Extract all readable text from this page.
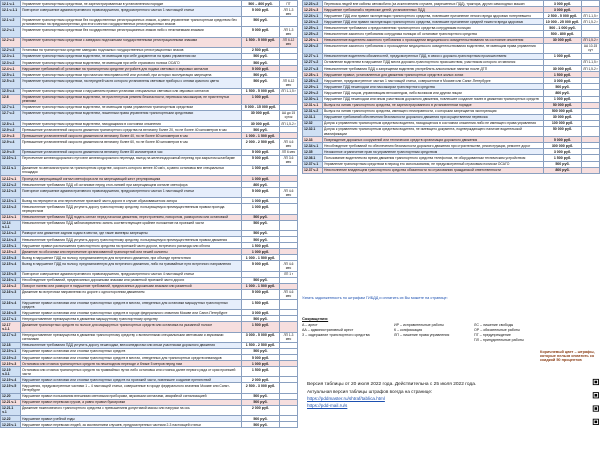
12.1 ч.1	Управление транспортным средством, не зарегистрированным в установленном порядке	500 – 800 руб.	ПТ
12.1 ч.1.1	Повторное совершение административного правонарушения, предусмотренного частью 1 настоящей статьи	5 000 руб.	ЛП 1-3 мес
12.1 ч.2	Управление транспортным средством без государственных регистрационных знаков, а равно управление транспортным средством без установленных на предусмотренных для этого местах государственных регистрационных знаков	500 руб.	
12.2 ч.1	Управление транспортным средством без государственных регистрационных знаков либо с нечитаемыми знаками	5 000 руб.	ЛП 1-3 мес
12.2 ч.2	Управление транспортным средством с заведомо подложными государственными регистрационными знаками	1 500 - 5 000 руб.	ЛП 6-12 мес
12.2 ч.3	Установка на транспортном средстве заведомо подложных государственных регистрационных знаков	2 500 руб.	
12.3 ч.1	Управление транспортным средством водителем, не имеющим при себе документов на право управления им	500 руб.	
12.3 ч.2	Управление транспортным средством водителем, не имеющим при себе страхового полиса ОСАГО	500 руб.	
12.4 ч.1	Нарушение требований об установке на транспортном средстве устройств для подачи световых и звуковых сигналов	5 000 руб.	
12.5 ч.1	Управление транспортным средством при наличии неисправностей или условий, при которых эксплуатация запрещена	500 руб.	
12.5 ч.3	Управление транспортным средством, на передней части которого установлены световые приборы с огнями красного цвета	500 руб.	ЛП 6-12 мес
12.5 ч.4	Управление транспортным средством с нарушением правил установки специальных световых или звуковых сигналов	1 500 - 5 000 руб.	ЛП 1-1,5 г
12.6	Управление транспортным средством водителем, не пристегнутым ремнем безопасности, перевозка пассажиров, не пристегнутых ремнями	1 000 руб.	
12.7 ч.1	Управление транспортным средством водителем, не имеющим права управления транспортным средством	5 000 - 15 000 руб.	
12.7 ч.2	Управление транспортным средством водителем, лишенным права управления транспортными средствами	30 000 руб.	АА до 15 суток
12.8 ч.1	Управление транспортным средством водителем, находящимся в состоянии опьянения	30 000 руб.	ЛП 1,5-2 г
12.9 ч.2	Превышение установленной скорости движения транспортного средства на величину более 20, но не более 40 километров в час	500 руб.	
12.9 ч.3	Превышение установленной скорости движения на величину более 40, но не более 60 километров в час	1 000 - 1 500 руб.	
12.9 ч.4	Превышение установленной скорости движения на величину более 60, но не более 80 километров в час	2 000 - 2 500 руб.	ЛП 4-6 мес
12.9 ч.5	Превышение установленной скорости движения на величину более 80 километров в час	5 000 руб.	ЛП 6 мес
12.10 ч.1	Пересечение железнодорожного пути вне железнодорожного переезда, выезд на железнодорожный переезд при закрытом шлагбауме	5 000 руб.	ЛП 3-6 мес
12.11 ч.1	Движение по автомагистрали на транспортном средстве, скорость которого менее 40 км/ч, а равно остановка вне специальных площадок	1 000 руб.	
12.12 ч.1	Проезд на запрещающий сигнал светофора или на запрещающий жест регулировщика	1 000 руб.	
12.12 ч.2	Невыполнение требования ПДД об остановке перед стоп-линией при запрещающем сигнале светофора	800 руб.	
12.12 ч.3	Повторное совершение административного правонарушения, предусмотренного частью 1 настоящей статьи	5 000 руб.	ЛП 4-6 мес
12.13 ч.1	Выезд на перекресток или пересечение проезжей части дороги в случае образовавшегося затора	1 000 руб.	
12.13 ч.2	Невыполнение требования ПДД уступить дорогу транспортному средству, пользующемуся преимущественным правом проезда перекрестков	1 000 руб.	
12.14 ч.1	Невыполнение требования ПДД подать сигнал перед началом движения, перестроением, поворотом, разворотом или остановкой	500 руб.	
12.14 ч.1.1	Невыполнение требования ПДД заблаговременно занять соответствующее крайнее положение на проезжей части	500 руб.	
12.14 ч.2	Разворот или движение задним ходом в местах, где такие маневры запрещены	500 руб.	
12.14 ч.3	Невыполнение требования ПДД уступить дорогу транспортному средству, пользующемуся преимущественным правом движения	500 руб.	
12.15 ч.1	Нарушение правил расположения транспортного средства на проезжей части дороги, встречного разъезда или обгона	1 500 руб.	
12.15 ч.2	Движение по обочинам или пересечение организованной транспортной или пешей колонны	1 000 руб.	
12.15 ч.3	Выезд в нарушение ПДД на полосу, предназначенную для встречного движения, при объезде препятствия	1 000 - 1 500 руб.	
12.15 ч.4	Выезд в нарушение ПДД на полосу, предназначенную для встречного движения, либо на трамвайные пути встречного направления	5 000 руб.	ЛП 4-6 мес
12.15 ч.5	Повторное совершение административного правонарушения, предусмотренного частью 4 настоящей статьи		ЛП 1 г
12.16 ч.1	Несоблюдение требований, предписанных дорожными знаками или разметкой проезжей части дороги	500 руб.	
12.16 ч.2	Поворот налево или разворот в нарушение требований, предписанных дорожными знаками или разметкой	1 000 - 1 500 руб.	
12.16 ч.3	Движение во встречном направлении по дороге с односторонним движением	5 000 руб.	ЛП 4-6 мес
12.16 ч.4	Нарушение правил остановки или стоянки транспортных средств в местах, отведенных для остановки маршрутных транспортных средств	1 500 руб.	
12.16 ч.5	Нарушение правил остановки или стоянки транспортных средств в городе федерального значения Москве или Санкт-Петербурге	3 000 руб.	
12.17 ч.1	Непредоставление преимущества в движении маршрутному транспортному средству	500 руб.	
12.17 ч.1.1	Движение транспортных средств по полосе для маршрутных транспортных средств или остановка на указанной полосе	1 500 руб.	
12.17 ч.2	Непредоставление преимущества в движении транспортному средству с включенными специальными световыми и звуковыми сигналами	3 000 - 5 000 руб.	ЛП 1-3 мес
12.18	Невыполнение требования ПДД уступить дорогу пешеходам, велосипедистам или иным участникам дорожного движения	1 500 - 2 500 руб.	
12.19 ч.1	Нарушение правил остановки или стоянки транспортных средств	500 руб.	
12.19 ч.2	Нарушение правил остановки или стоянки транспортных средств в местах, отведенных для транспортных средств инвалидов	5 000 руб.	
12.19 ч.3	Остановка или стоянка транспортных средств на пешеходном переходе и ближе 5 метров перед ним	1 000 руб.	
12.19 ч.3.1	Остановка или стоянка транспортных средств на трамвайных путях либо остановка или стоянка далее первого ряда от края проезжей части	1 500 руб.	
12.19 ч.4	Нарушение правил остановки или стоянки транспортных средств на проезжей части, повлекшее создание препятствий	2 000 руб.	
12.19 ч.5	Нарушения, предусмотренные частями 1 – 4 настоящей статьи, совершенные в городе федерального значения Москве или Санкт-Петербурге	2 500 - 3 000 руб.	
12.20	Нарушение правил пользования внешними световыми приборами, звуковыми сигналами, аварийной сигнализацией	500 руб.	
12.21 ч.1	Нарушение правил перевозки грузов, а равно правил буксировки	500 руб.	
12.21.1 ч.1	Движение тяжеловесного транспортного средства с превышением допустимой массы или нагрузки на ось	2 000 руб.	
12.22	Нарушение правил учебной езды	500 руб.	
12.23 ч.1	Нарушение правил перевозки людей, за исключением случаев, предусмотренных частями 2-3 настоящей статьи	500 руб.	
12.23 ч.2	Перевозка людей вне кабины автомобиля (за исключением случаев, разрешенных ПДД), трактора, других самоходных машин	3 000 руб.	
12.23 ч.3	Нарушение требований к перевозке детей, установленных ПДД	3 000 руб.	
12.24 ч.1	Нарушение ПДД или правил эксплуатации транспортного средства, повлекшее причинение легкого вреда здоровью потерпевшего	2 500 - 5 000 руб.	ЛП 1-1,5 г
12.24 ч.2	Нарушение ПДД или правил эксплуатации транспортного средства, повлекшее причинение средней тяжести вреда здоровью	10 000 - 25 000 руб.	ЛП 1,5-2 г
12.25 ч.1	Невыполнение требования о предоставлении транспортного средства сотрудникам полиции	500 - 1 000 руб.	
12.25 ч.2	Невыполнение законного требования сотрудника полиции об остановке транспортного средства	500 - 800 руб.	
12.26 ч.1	Невыполнение водителем законного требования о прохождении медицинского освидетельствования на состояние опьянения	30 000 руб.	ЛП 1,5-2 г
12.26 ч.2	Невыполнение законного требования о прохождении медицинского освидетельствования водителем, не имеющим права управления		АА 10-15 сут
12.27 ч.1	Невыполнение водителем обязанностей, предусмотренных ПДД, в связи с дорожно-транспортным происшествием	1 000 руб.	
12.27 ч.2	Оставление водителем в нарушение ПДД места дорожно-транспортного происшествия, участником которого он являлся		ЛП 1-1,5 г
12.27 ч.3	Невыполнение требования ПДД о запрещении водителю употреблять алкогольные напитки после ДТП	30 000 руб.	ЛП 1,5-2 г
12.28 ч.1	Нарушение правил, установленных для движения транспортных средств в жилых зонах	1 500 руб.	
12.28 ч.2	Нарушение, предусмотренное частью 1 настоящей статьи, совершенное в Москве или Санкт-Петербурге	3 000 руб.	
12.29 ч.1	Нарушение ПДД пешеходом или пассажиром транспортного средства	500 руб.	
12.29 ч.2	Нарушение ПДД лицом, управляющим велосипедом, либо возчиком или другим лицом	800 руб.	
12.30 ч.1	Нарушение ПДД пешеходом или иным участником дорожного движения, повлекшее создание помех в движении транспортных средств	1 000 руб.	
12.31 ч.1	Выпуск на линию транспортного средства, не зарегистрированного в установленном порядке	50 000 руб.	
12.31 ч.2	Выпуск на линию транспортного средства, имеющего неисправности, с которыми запрещается эксплуатация	500 000 руб.	
12.31.1	Нарушение требований обеспечения безопасности дорожного движения при осуществлении перевозок	30 000 руб.	
12.32	Допуск к управлению транспортным средством водителя, находящегося в состоянии опьянения либо не имеющего права управления	100 000 руб.	
12.32.1	Допуск к управлению транспортным средством водителя, не имеющего документа, подтверждающего наличие водительской квалификации	50 000 руб.	
12.33	Повреждение дорожных сооружений или технических средств организации дорожного движения	5 000 руб.	
12.34 ч.1	Несоблюдение требований по обеспечению безопасности дорожного движения при строительстве, реконструкции, ремонте дорог	300 000 руб.	
12.35	Незаконное ограничение прав на управление транспортным средством	3 000 руб.	
12.36.1	Пользование водителем во время движения транспортного средства телефоном, не оборудованным техническим устройством	1 500 руб.	
12.37 ч.1	Управление транспортным средством в период его использования, не предусмотренный страховым полисом ОСАГО	500 руб.	
12.37 ч.2	Неисполнение владельцем транспортного средства обязанности по страхованию гражданской ответственности	800 руб.	
Узнать задолженность по штрафам ГИБДД и оплатить их Вы можете на странице:
Сокращения:
A – арест
АА – административный арест
З – задержание транспортного средства
ИР – исправительные работы
К – конфискация
ЛП – лишение права управления
ЛС – лишение свободы
ОР – обязательные работы
ПТ – предупреждение
ПЛ – принудительные работы
Коричневый цвет – штрафы, которые нельзя оплатить со скидкой 50 процентов
Версия таблицы от 20 июля 2022 года. Действительна с 25 июля 2022 года.
Актуальная версия таблицы штрафов всегда на странице:
https://pddmaster.ru/shtraf/tablica.html
https://pdd-mail.ru/s
